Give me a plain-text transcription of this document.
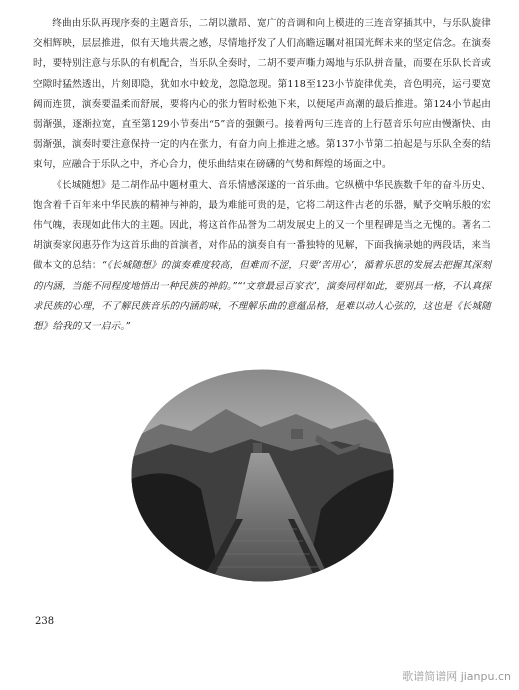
终曲由乐队再现序奏的主题音乐，二胡以激昂、宽广的音调和向上模进的三连音穿插其中，与乐队旋律交相辉映，层层推进，似有天地共震之感，尽情地抒发了人们高瞻远瞩对祖国光辉未来的坚定信念。在演奏时，要特别注意与乐队的有机配合，当乐队全奏时，二胡不要声嘶力竭地与乐队拼音量，而要在乐队长音或空隙时猛然透出，片刻即隐，犹如水中蛟龙，忽隐忽现。第118至123小节旋律优美，音色明亮，运弓要宽阔而连贯，演奏要温柔而舒展，要将内心的张力暂时松弛下来，以便尾声高潮的最后推进。第124小节起由弱渐强，逐渐拉宽，直至第129小节奏出“5”音的强颤弓。接着两句三连音的上行琶音乐句应由慢渐快、由弱渐强，演奏时要注意保持一定的内在张力，有奋力向上推进之感。第137小节第二拍起是与乐队全奏的结束句，应融合于乐队之中，齐心合力，使乐曲结束在磅礴的气势和辉煌的场面之中。

《长城随想》是二胡作品中题材重大、音乐情感深遂的一首乐曲。它纵横中华民族数千年的奋斗历史、饱含着千百年来中华民族的精神与神韵，最为难能可贵的是，它将二胡这件古老的乐器，赋予交响乐般的宏伟气魄，表现如此伟大的主题。因此，将这首作品誉为二胡发展史上的又一个里程碑是当之无愧的。著名二胡演奏家闵惠芬作为这首乐曲的首演者，对作品的演奏自有一番独特的见解，下面我摘录她的两段话，来当做本文的总结：“《长城随想》的演奏难度较高，但难而不涩，只要‘苦用心’，循着乐思的发展去把握其深刻的内涵，当能不同程度地悟出一种民族的神韵。”“‘文章最忌百家衣’，演奏同样如此，要别具一格，不认真探求民族的心理，不了解民族音乐的内涵韵味，不理解乐曲的意蕴品格，是难以动人心弦的，这也是《长城随想》给我的又一启示。”

238
歌谱简谱网 jianpu.cn
